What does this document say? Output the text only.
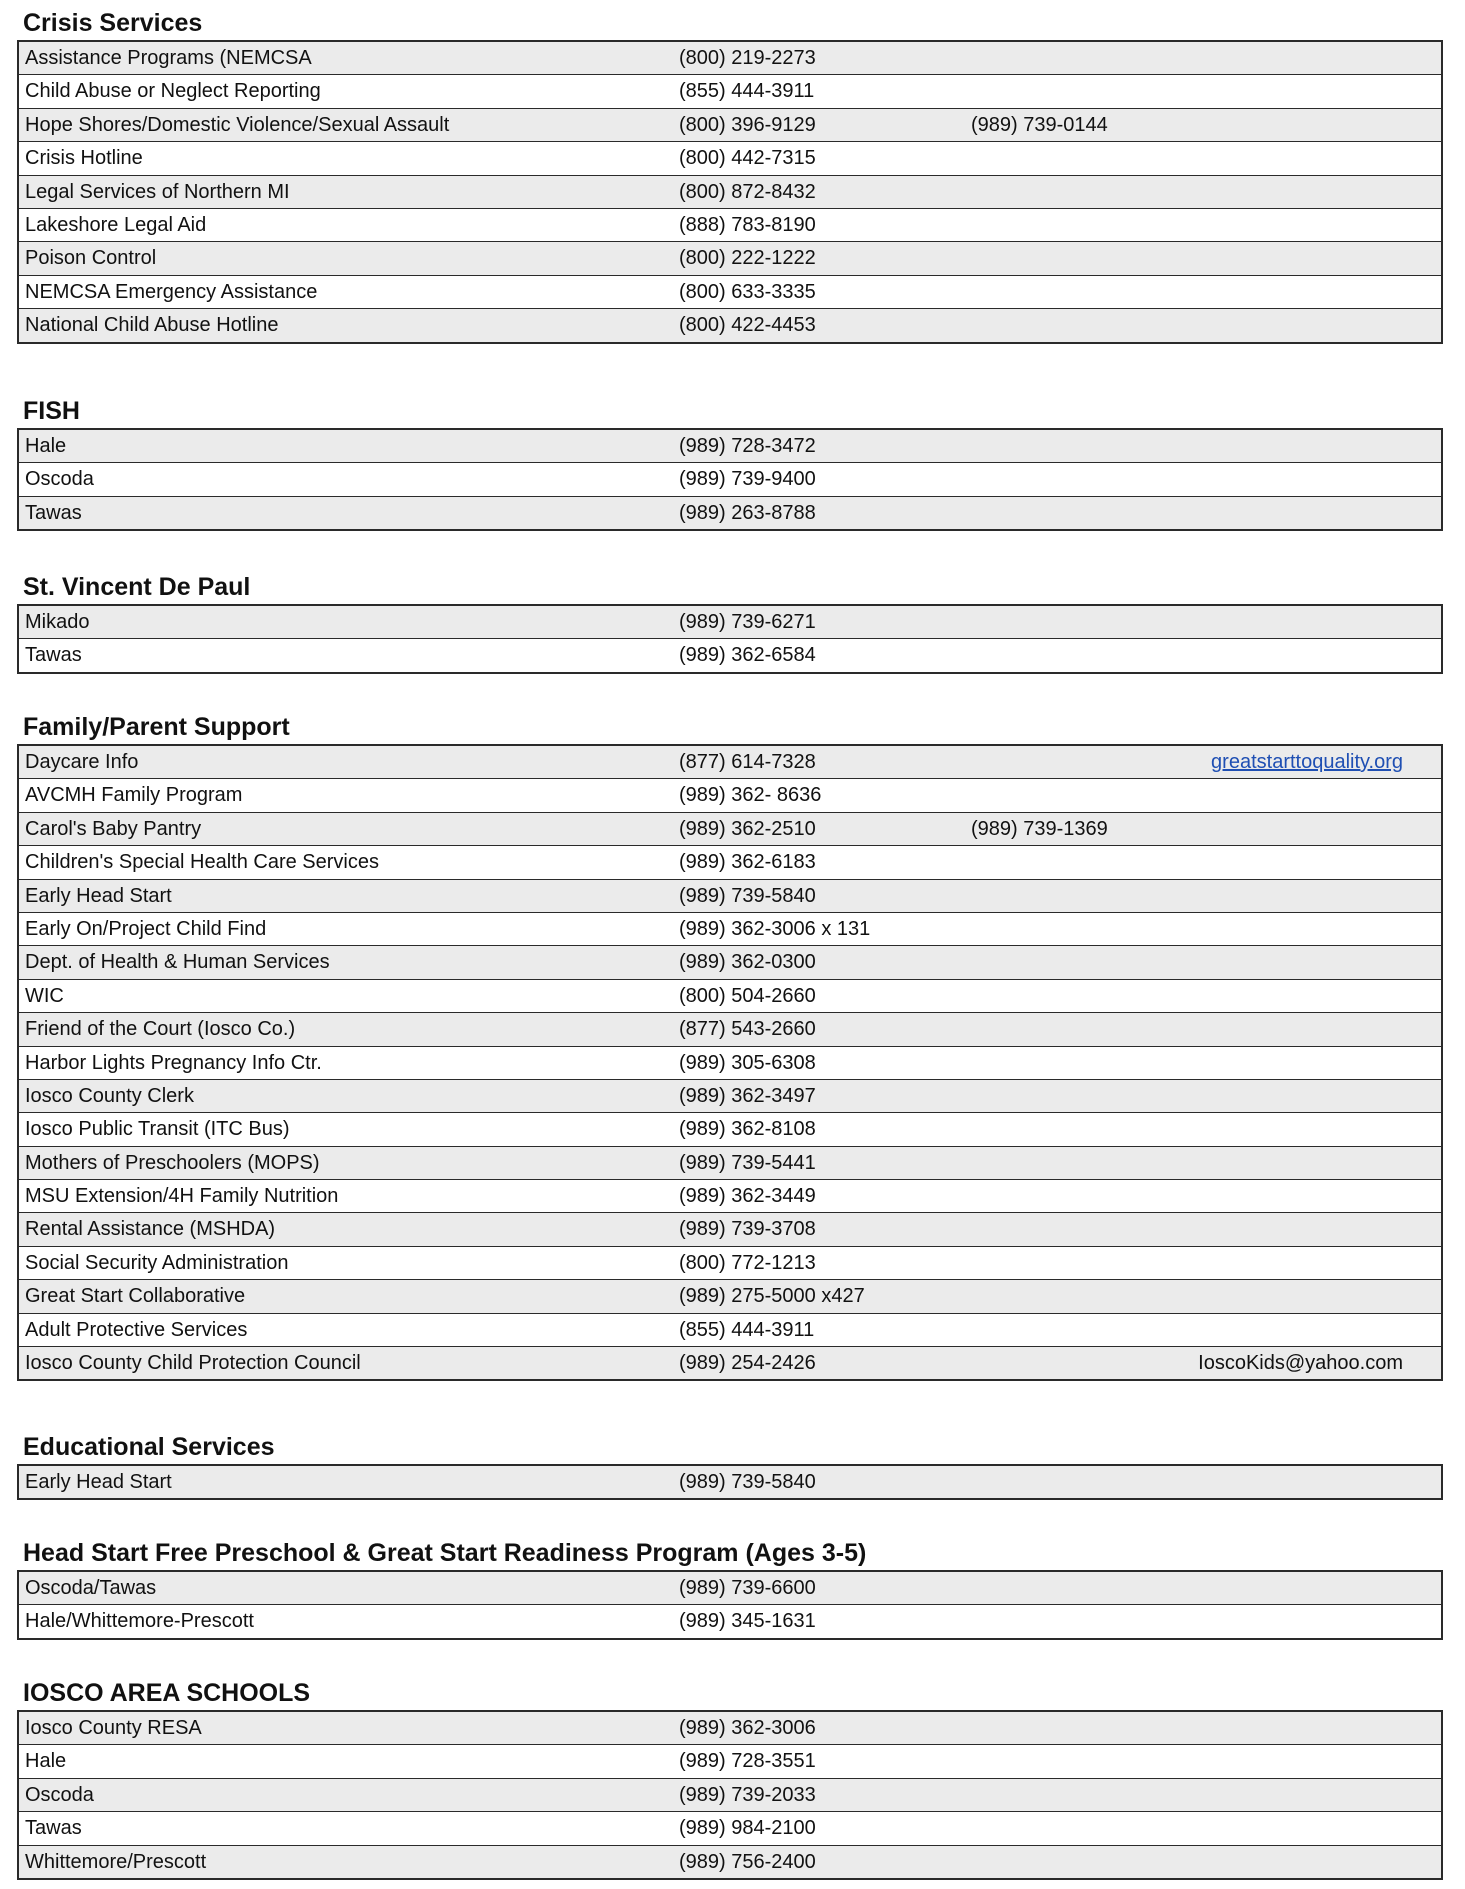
Crisis Services
Assistance Programs (NEMCSA	(800) 219-2273
Child Abuse or Neglect Reporting	(855) 444-3911
Hope Shores/Domestic Violence/Sexual Assault	(800) 396-9129	(989) 739-0144
Crisis Hotline	(800) 442-7315
Legal Services of Northern MI	(800) 872-8432
Lakeshore Legal Aid	(888) 783-8190
Poison Control	(800) 222-1222
NEMCSA Emergency Assistance	(800) 633-3335
National Child Abuse Hotline	(800) 422-4453
FISH
Hale	(989) 728-3472
Oscoda	(989) 739-9400
Tawas	(989) 263-8788
St. Vincent De Paul
Mikado	(989) 739-6271
Tawas	(989) 362-6584
Family/Parent Support
Daycare Info	(877) 614-7328	greatstarttoquality.org
AVCMH Family Program	(989) 362- 8636
Carol's Baby Pantry	(989) 362-2510	(989) 739-1369
Children's Special Health Care Services	(989) 362-6183
Early Head Start	(989) 739-5840
Early On/Project Child Find	(989) 362-3006 x 131
Dept. of Health & Human Services	(989) 362-0300
WIC	(800) 504-2660
Friend of the Court (Iosco Co.)	(877) 543-2660
Harbor Lights Pregnancy Info Ctr.	(989) 305-6308
Iosco County Clerk	(989) 362-3497
Iosco Public Transit (ITC Bus)	(989) 362-8108
Mothers of Preschoolers (MOPS)	(989) 739-5441
MSU Extension/4H Family Nutrition	(989) 362-3449
Rental Assistance (MSHDA)	(989) 739-3708
Social Security Administration	(800) 772-1213
Great Start Collaborative	(989) 275-5000 x427
Adult Protective Services	(855) 444-3911
Iosco County Child Protection Council	(989) 254-2426	IoscoKids@yahoo.com
Educational Services
Early Head Start	(989) 739-5840
Head Start Free Preschool & Great Start Readiness Program (Ages 3-5)
Oscoda/Tawas	(989) 739-6600
Hale/Whittemore-Prescott	(989) 345-1631
IOSCO AREA SCHOOLS
Iosco County RESA	(989) 362-3006
Hale	(989) 728-3551
Oscoda	(989) 739-2033
Tawas	(989) 984-2100
Whittemore/Prescott	(989) 756-2400
